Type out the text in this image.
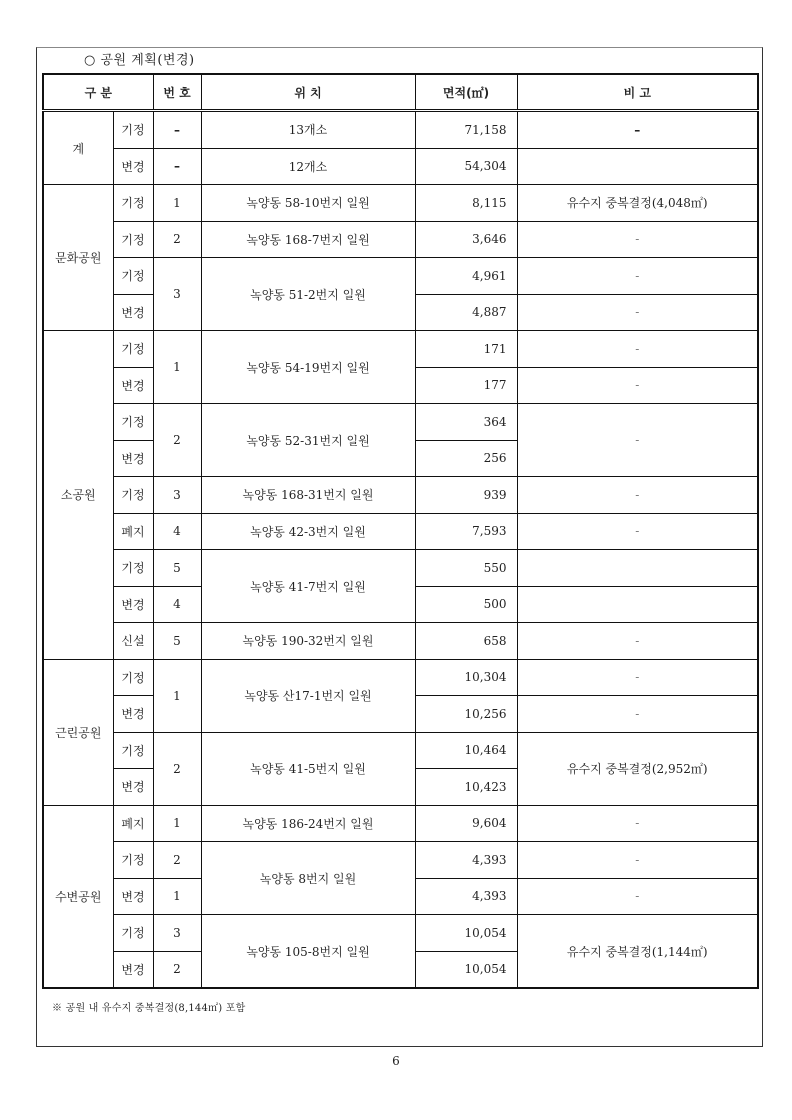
○ 공원 계획(변경)
구 분		번 호	위 치	면적(㎡)	비 고
계	기정	–	13개소	71,158	–
	변경	–	12개소	54,304	
문화공원	기정	1	녹양동 58-10번지 일원	8,115	유수지 중복결정(4,048㎡)
	기정	2	녹양동 168-7번지 일원	3,646	-
	기정	3	녹양동 51-2번지 일원	4,961	-
	변경			4,887	-
소공원	기정	1	녹양동 54-19번지 일원	171	-
	변경			177	-
	기정	2	녹양동 52-31번지 일원	364	-
	변경			256	
	기정	3	녹양동 168-31번지 일원	939	-
	폐지	4	녹양동 42-3번지 일원	7,593	-
	기정	5	녹양동 41-7번지 일원	550	
	변경	4		500	
	신설	5	녹양동 190-32번지 일원	658	-
근린공원	기정	1	녹양동 산17-1번지 일원	10,304	-
	변경			10,256	-
	기정	2	녹양동 41-5번지 일원	10,464	유수지 중복결정(2,952㎡)
	변경			10,423	
수변공원	폐지	1	녹양동 186-24번지 일원	9,604	-
	기정	2	녹양동 8번지 일원	4,393	-
	변경	1		4,393	-
	기정	3	녹양동 105-8번지 일원	10,054	유수지 중복결정(1,144㎡)
	변경	2		10,054	
※ 공원 내 유수지 중복결정(8,144㎡) 포함
6
